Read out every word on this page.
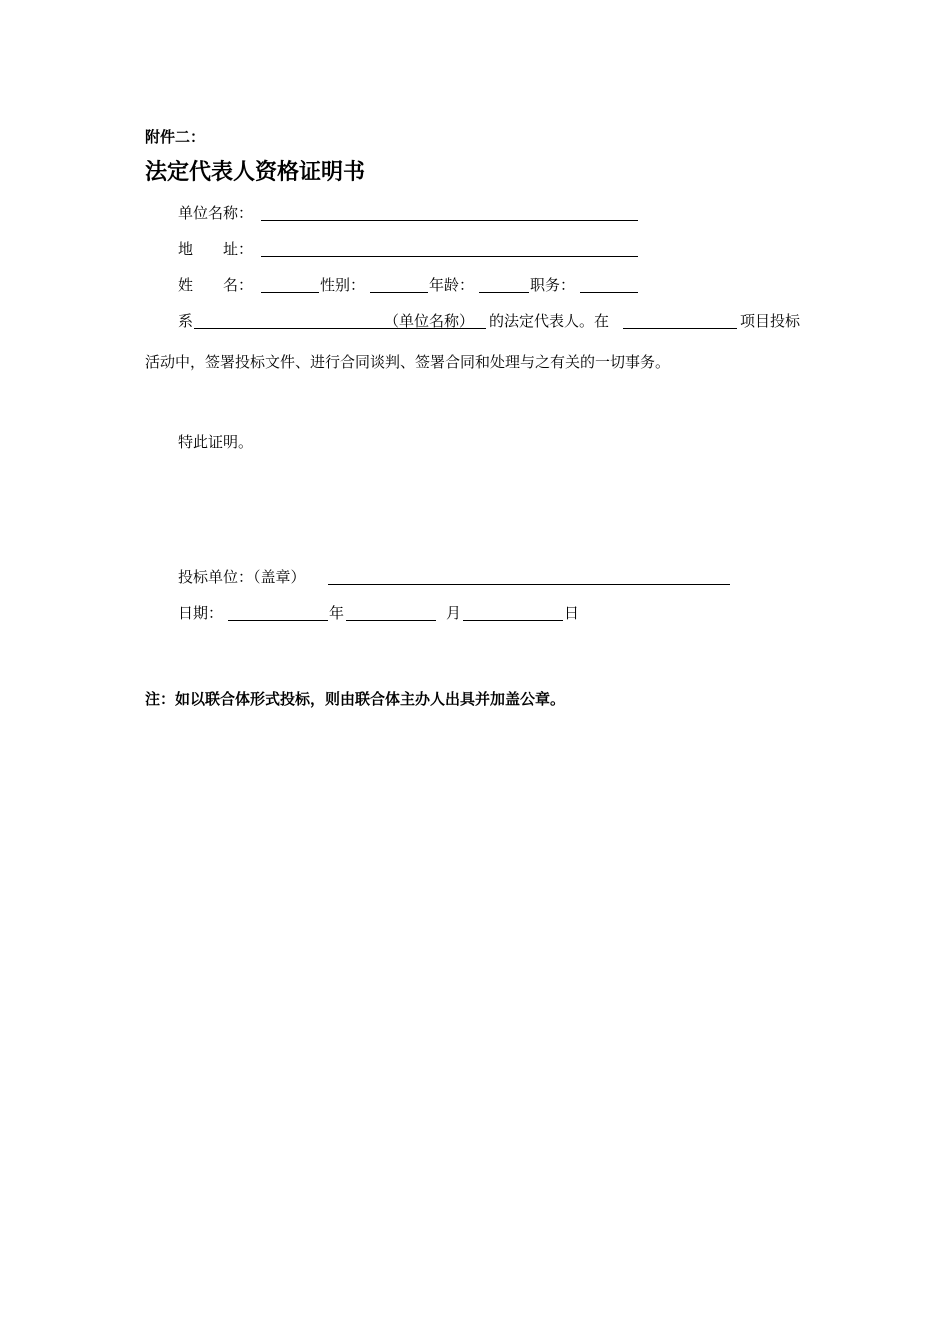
附件二：
法定代表人资格证明书
单位名称：
地　　址：
姓　　名：	性别：	年龄：	职务：
系	（单位名称） 的法定代表人。在	项目投标
活动中，签署投标文件、进行合同谈判、签署合同和处理与之有关的一切事务。
特此证明。
投标单位：（盖章）
日期：	年	月	日
注：如以联合体形式投标，则由联合体主办人出具并加盖公章。
